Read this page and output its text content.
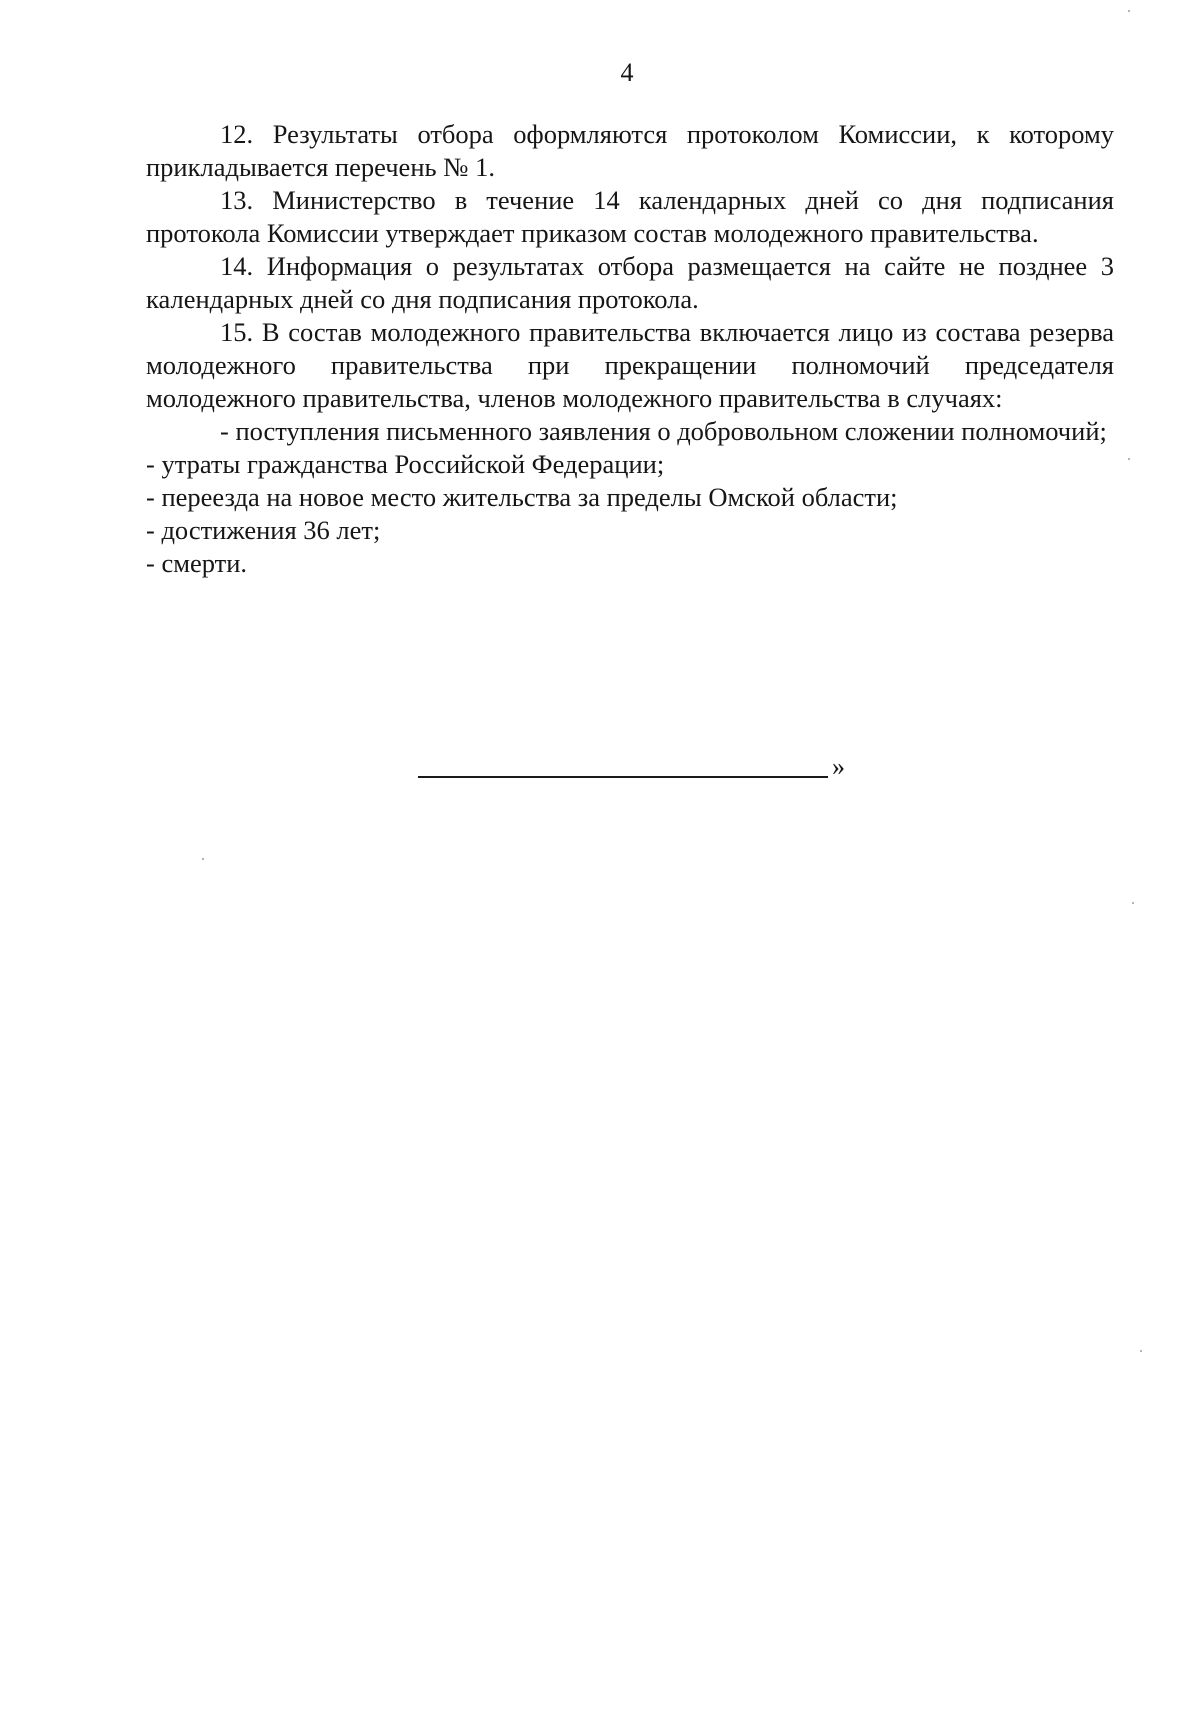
4

12. Результаты отбора оформляются протоколом Комиссии, к которому прикладывается перечень № 1.

13. Министерство в течение 14 календарных дней со дня подписания протокола Комиссии утверждает приказом состав молодежного правительства.

14. Информация о результатах отбора размещается на сайте не позднее 3 календарных дней со дня подписания протокола.

15. В состав молодежного правительства включается лицо из состава резерва молодежного правительства при прекращении полномочий председателя молодежного правительства, членов молодежного правительства в случаях:

- поступления письменного заявления о добровольном сложении полномочий;

- утраты гражданства Российской Федерации;

- переезда на новое место жительства за пределы Омской области;

- достижения 36 лет;

- смерти.

»
